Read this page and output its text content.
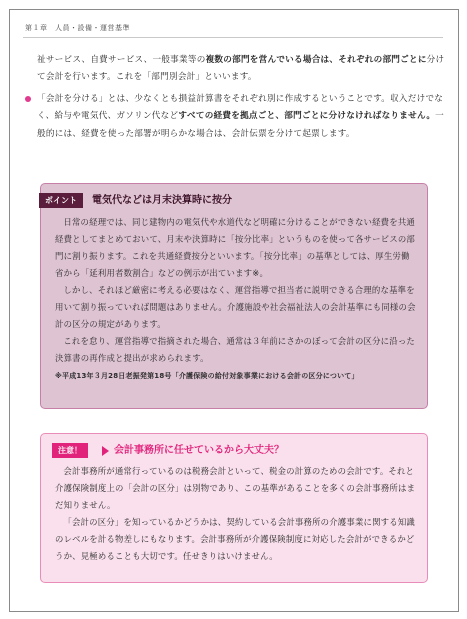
第１章　人員・設備・運営基準
祉サービス、自費サービス、一般事業等の複数の部門を営んでいる場合は、それぞれの部門ごとに分けて会計を行います。これを「部門別会計」といいます。
「会計を分ける」とは、少なくとも損益計算書をそれぞれ別に作成するということです。収入だけでなく、給与や電気代、ガソリン代などすべての経費を拠点ごと、部門ごとに分けなければなりません。一般的には、経費を使った部署が明らかな場合は、会計伝票を分けて起票します。
ポイント	電気代などは月末決算時に按分

日常の経理では、同じ建物内の電気代や水道代など明確に分けることができない経費を共通経費としてまとめておいて、月末や決算時に「按分比率」というものを使って各サービスの部門に割り振ります。これを共通経費按分といいます。「按分比率」の基準としては、厚生労働省から「延利用者数割合」などの例示が出ています※。

しかし、それほど厳密に考える必要はなく、運営指導で担当者に説明できる合理的な基準を用いて割り振っていれば問題はありません。介護施設や社会福祉法人の会計基準にも同様の会計の区分の規定があります。

これを怠り、運営指導で指摘された場合、通常は３年前にさかのぼって会計の区分に沿った決算書の再作成と提出が求められます。

※平成13年３月28日老振発第18号「介護保険の給付対象事業における会計の区分について」

注意！	会計事務所に任せているから大丈夫？

会計事務所が通常行っているのは税務会計といって、税金の計算のための会計です。それと介護保険制度上の「会計の区分」は別物であり、この基準があることを多くの会計事務所はまだ知りません。

「会計の区分」を知っているかどうかは、契約している会計事務所の介護事業に関する知識のレベルを計る物差しにもなります。会計事務所が介護保険制度に対応した会計ができるかどうか、見極めることも大切です。任せきりはいけません。
